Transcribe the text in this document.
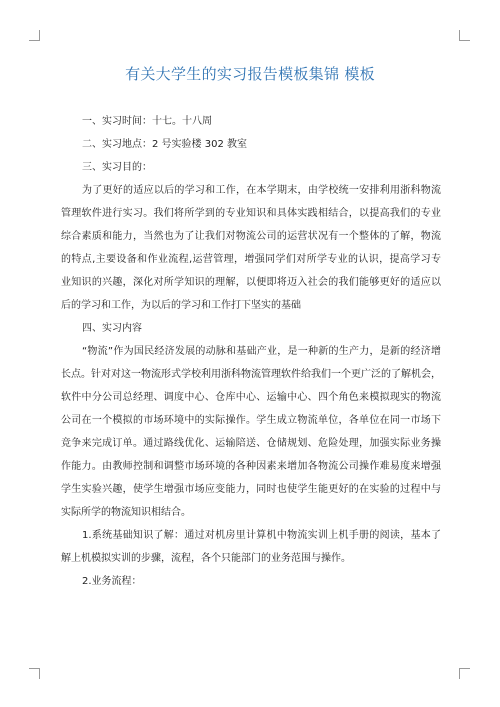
有关大学生的实习报告模板集锦 模板
一、实习时间：十七。十八周
二、实习地点：2 号实验楼 302 教室
三、实习目的：
为了更好的适应以后的学习和工作，在本学期末，由学校统一安排利用浙科物流
管理软件进行实习。我们将所学到的专业知识和具体实践相结合，以提高我们的专业
综合素质和能力，当然也为了让我们对物流公司的运营状况有一个整体的了解，物流
的特点,主要设备和作业流程,运营管理，增强同学们对所学专业的认识，提高学习专
业知识的兴趣，深化对所学知识的理解，以便即将迈入社会的我们能够更好的适应以
后的学习和工作，为以后的学习和工作打下坚实的基础
四、实习内容
“物流”作为国民经济发展的动脉和基础产业，是一种新的生产力，是新的经济增
长点。针对对这一物流形式学校利用浙科物流管理软件给我们一个更广泛的了解机会，
软件中分公司总经理、调度中心、仓库中心、运输中心、四个角色来模拟现实的物流
公司在一个模拟的市场环境中的实际操作。学生成立物流单位，各单位在同一市场下
竞争来完成订单。通过路线优化、运输陪送、仓储规划、危险处理，加强实际业务操
作能力。由教师控制和调整市场环境的各种因素来增加各物流公司操作难易度来增强
学生实验兴趣，使学生增强市场应变能力，同时也使学生能更好的在实验的过程中与
实际所学的物流知识相结合。
1.系统基础知识了解：通过对机房里计算机中物流实训上机手册的阅读，基本了
解上机模拟实训的步骤，流程，各个只能部门的业务范围与操作。
2.业务流程：
